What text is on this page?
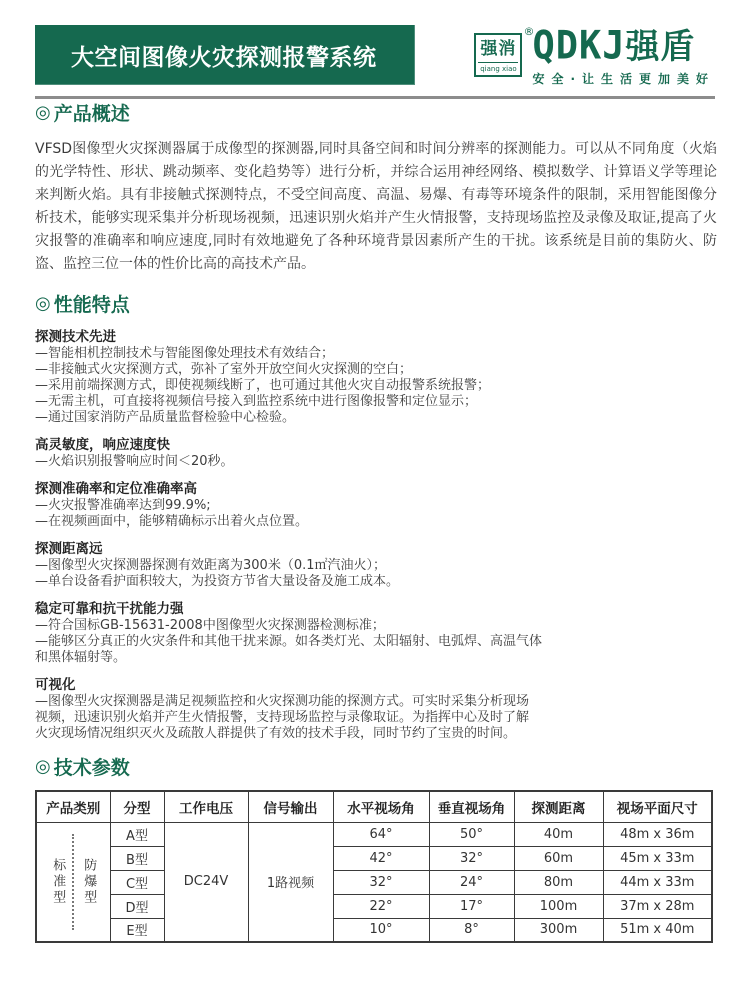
大空间图像火灾探测报警系统	强消
qiang xiao
®
QDKJ 强盾
安全·让生活更加美好
◎ 产品概述

VFSD图像型火灾探测器属于成像型的探测器,同时具备空间和时间分辨率的探测能力。可以从不同角度（火焰的光学特性、形状、跳动频率、变化趋势等）进行分析，并综合运用神经网络、模拟数学、计算语义学等理论来判断火焰。具有非接触式探测特点，不受空间高度、高温、易爆、有毒等环境条件的限制，采用智能图像分析技术，能够实现采集并分析现场视频，迅速识别火焰并产生火情报警，支持现场监控及录像及取证,提高了火灾报警的准确率和响应速度,同时有效地避免了各种环境背景因素所产生的干扰。该系统是目前的集防火、防盗、监控三位一体的性价比高的高技术产品。

◎ 性能特点
探测技术先进
—智能相机控制技术与智能图像处理技术有效结合；
—非接触式火灾探测方式，弥补了室外开放空间火灾探测的空白；
—采用前端探测方式，即使视频线断了，也可通过其他火灾自动报警系统报警；
—无需主机，可直接将视频信号接入到监控系统中进行图像报警和定位显示；
—通过国家消防产品质量监督检验中心检验。
高灵敏度，响应速度快
—火焰识别报警响应时间＜20秒。
探测准确率和定位准确率高
—火灾报警准确率达到99.9%;
—在视频画面中，能够精确标示出着火点位置。
探测距离远
—图像型火灾探测器探测有效距离为300米（0.1㎡汽油火）；
—单台设备看护面积较大，为投资方节省大量设备及施工成本。
稳定可靠和抗干扰能力强
—符合国标GB-15631-2008中图像型火灾探测器检测标准；
—能够区分真正的火灾条件和其他干扰来源。如各类灯光、太阳辐射、电弧焊、高温气体和黑体辐射等。
可视化
—图像型火灾探测器是满足视频监控和火灾探测功能的探测方式。可实时采集分析现场视频，迅速识别火焰并产生火情报警，支持现场监控与录像取证。为指挥中心及时了解火灾现场情况组织灭火及疏散人群提供了有效的技术手段，同时节约了宝贵的时间。
◎ 技术参数
产品类别	分型	工作电压	信号输出	水平视场角	垂直视场角	探测距离	视场平面尺寸

标准型 防爆型	A型	DC24V	1路视频	64°	50°	40m	48m x 36m
	B型			42°	32°	60m	45m x 33m
	C型			32°	24°	80m	44m x 33m
	D型			22°	17°	100m	37m x 28m
	E型			10°	8°	300m	51m x 40m
